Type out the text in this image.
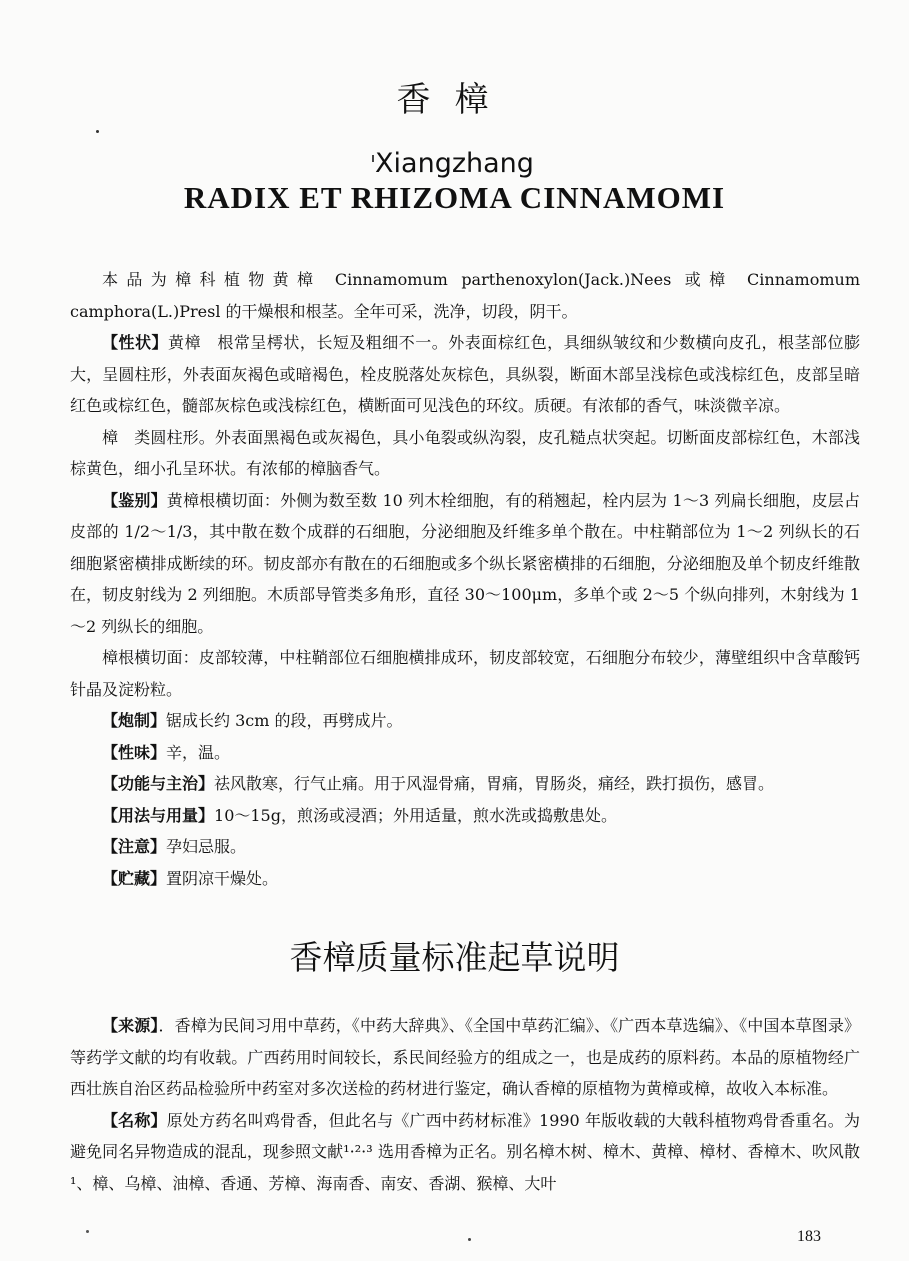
香樟
Xiangzhang
RADIX ET RHIZOMA CINNAMOMI

本品为樟科植物黄樟 Cinnamomum parthenoxylon(Jack.)Nees 或樟 Cinnamomum camphora(L.)Presl 的干燥根和根茎。全年可采，洗净，切段，阴干。

【性状】黄樟　根常呈樗状，长短及粗细不一。外表面棕红色，具细纵皱纹和少数横向皮孔，根茎部位膨大，呈圆柱形，外表面灰褐色或暗褐色，栓皮脱落处灰棕色，具纵裂，断面木部呈浅棕色或浅棕红色，皮部呈暗红色或棕红色，髓部灰棕色或浅棕红色，横断面可见浅色的环纹。质硬。有浓郁的香气，味淡微辛凉。

樟　类圆柱形。外表面黑褐色或灰褐色，具小龟裂或纵沟裂，皮孔糙点状突起。切断面皮部棕红色，木部浅棕黄色，细小孔呈环状。有浓郁的樟脑香气。

【鉴别】黄樟根横切面：外侧为数至数 10 列木栓细胞，有的稍翘起，栓内层为 1～3 列扁长细胞，皮层占皮部的 1/2～1/3，其中散在数个成群的石细胞，分泌细胞及纤维多单个散在。中柱鞘部位为 1～2 列纵长的石细胞紧密横排成断续的环。韧皮部亦有散在的石细胞或多个纵长紧密横排的石细胞，分泌细胞及单个韧皮纤维散在，韧皮射线为 2 列细胞。木质部导管类多角形，直径 30～100μm，多单个或 2～5 个纵向排列，木射线为 1～2 列纵长的细胞。

樟根横切面：皮部较薄，中柱鞘部位石细胞横排成环，韧皮部较宽，石细胞分布较少，薄壁组织中含草酸钙针晶及淀粉粒。

【炮制】锯成长约 3cm 的段，再劈成片。

【性味】辛，温。

【功能与主治】祛风散寒，行气止痛。用于风湿骨痛，胃痛，胃肠炎，痛经，跌打损伤，感冒。

【用法与用量】10～15g，煎汤或浸酒；外用适量，煎水洗或捣敷患处。

【注意】孕妇忌服。

【贮藏】置阴凉干燥处。

香樟质量标准起草说明

【来源】．香樟为民间习用中草药，《中药大辞典》、《全国中草药汇编》、《广西本草选编》、《中国本草图录》等药学文献的均有收载。广西药用时间较长，系民间经验方的组成之一，也是成药的原料药。本品的原植物经广西壮族自治区药品检验所中药室对多次送检的药材进行鉴定，确认香樟的原植物为黄樟或樟，故收入本标准。

【名称】原处方药名叫鸡骨香，但此名与《广西中药材标准》1990 年版收载的大戟科植物鸡骨香重名。为避免同名异物造成的混乱，现参照文献¹·²·³ 选用香樟为正名。别名樟木树、樟木、黄樟、樟材、香樟木、吹风散¹、樟、乌樟、油樟、香通、芳樟、海南香、南安、香湖、猴樟、大叶

183
